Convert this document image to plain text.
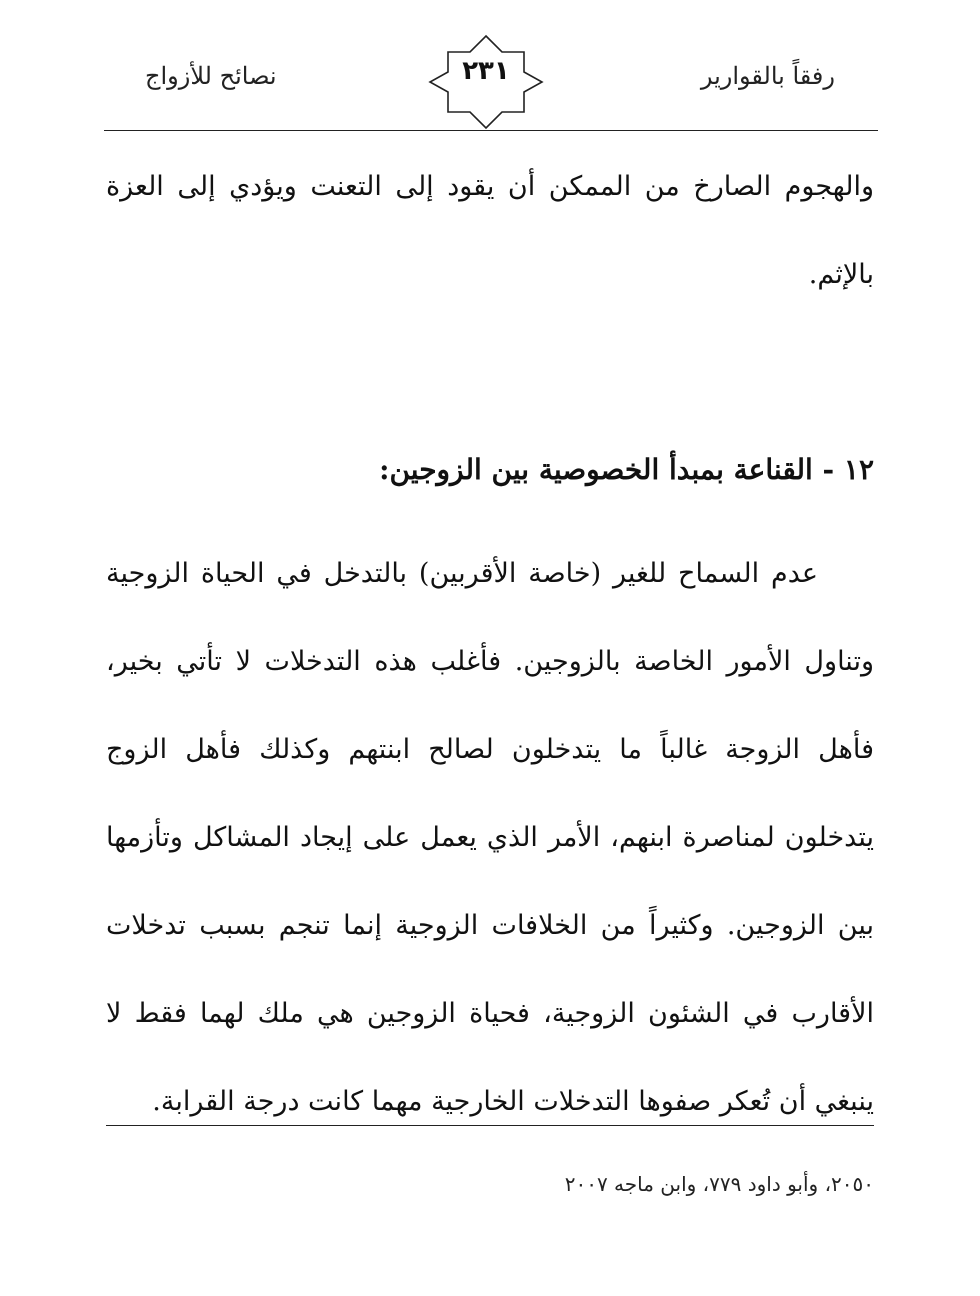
رفقاً بالقوارير
٢٣١
نصائح للأزواج
والهجوم الصارخ من الممكن أن يقود إلى التعنت ويؤدي إلى العزة بالإثم.
١٢ - القناعة بمبدأ الخصوصية بين الزوجين:
عدم السماح للغير (خاصة الأقربين) بالتدخل في الحياة الزوجية وتناول الأمور الخاصة بالزوجين. فأغلب هذه التدخلات لا تأتي بخير، فأهل الزوجة غالباً ما يتدخلون لصالح ابنتهم وكذلك فأهل الزوج يتدخلون لمناصرة ابنهم، الأمر الذي يعمل على إيجاد المشاكل وتأزمها بين الزوجين. وكثيراً من الخلافات الزوجية إنما تنجم بسبب تدخلات الأقارب في الشئون الزوجية، فحياة الزوجين هي ملك لهما فقط لا ينبغي أن تُعكر صفوها التدخلات الخارجية مهما كانت درجة القرابة.
٢٠٥٠، وأبو داود ٧٧٩، وابن ماجه ٢٠٠٧
